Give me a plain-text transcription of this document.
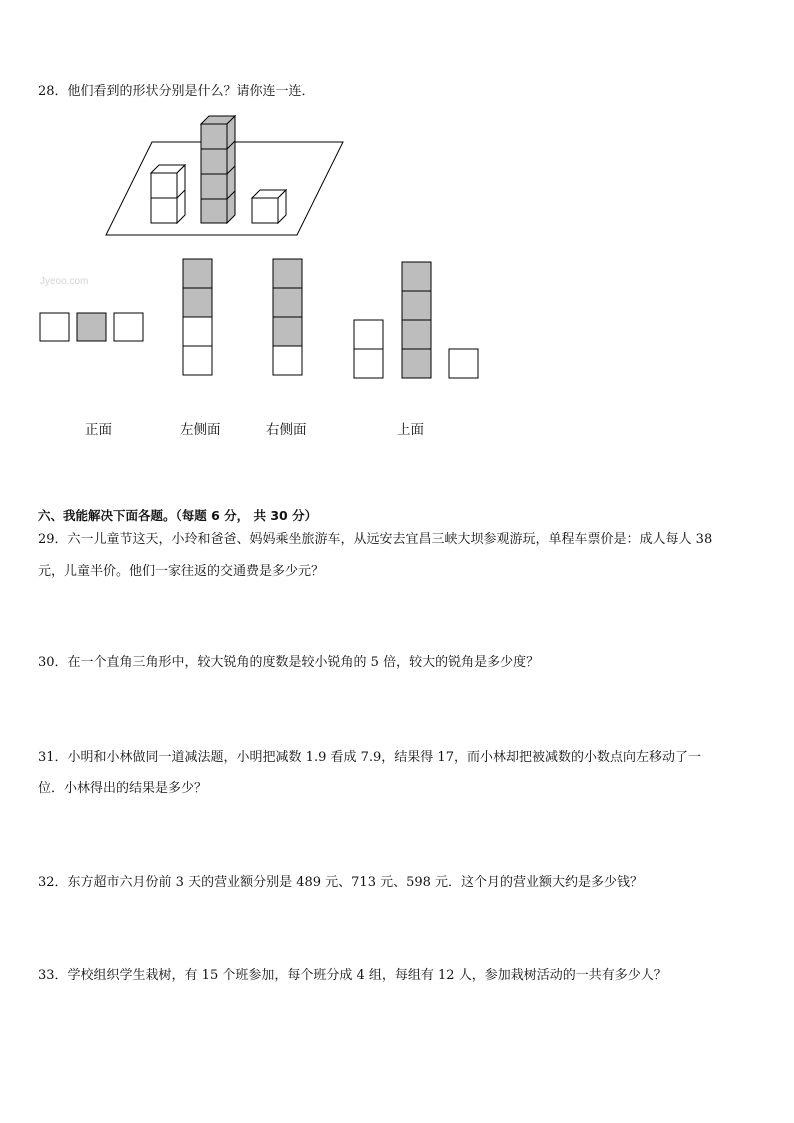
28．他们看到的形状分别是什么？请你连一连．
Jyeoo.com
正面	左侧面	右侧面	上面
六、我能解决下面各题。（每题 6 分， 共 30 分）
29．六一儿童节这天，小玲和爸爸、妈妈乘坐旅游车，从远安去宜昌三峡大坝参观游玩，单程车票价是：成人每人 38
元，儿童半价。他们一家往返的交通费是多少元？
30．在一个直角三角形中，较大锐角的度数是较小锐角的 5 倍，较大的锐角是多少度？
31．小明和小林做同一道减法题，小明把减数 1.9 看成 7.9，结果得 17，而小林却把被减数的小数点向左移动了一
位．小林得出的结果是多少？
32．东方超市六月份前 3 天的营业额分别是 489 元、713 元、598 元．这个月的营业额大约是多少钱？
33．学校组织学生栽树，有 15 个班参加，每个班分成 4 组，每组有 12 人，参加栽树活动的一共有多少人？
